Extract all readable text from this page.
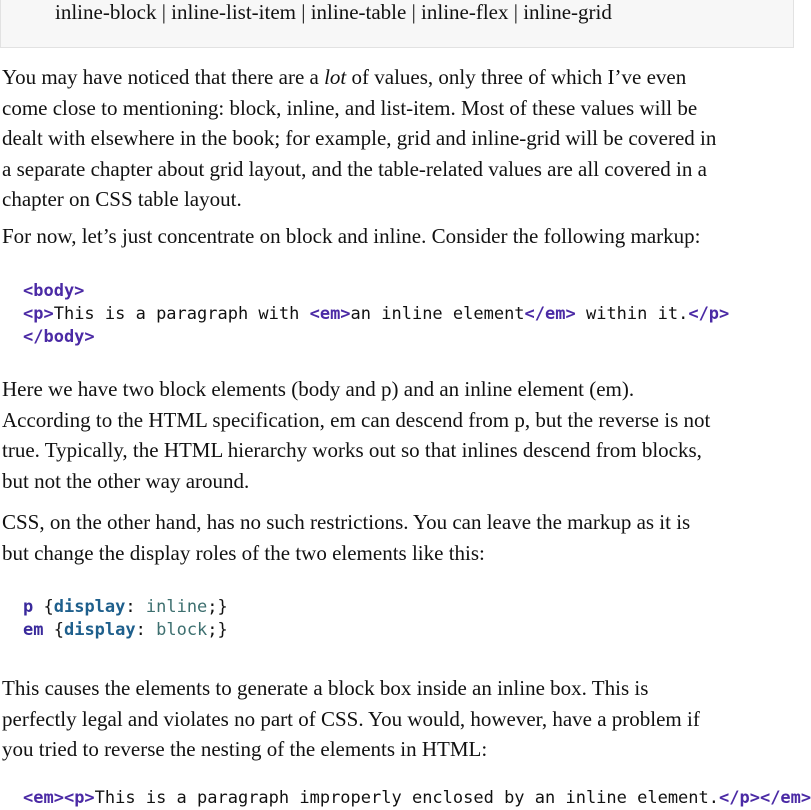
inline-block | inline-list-item | inline-table | inline-flex | inline-grid

You may have noticed that there are a lot of values, only three of which I’ve even
come close to mentioning: block, inline, and list-item. Most of these values will be
dealt with elsewhere in the book; for example, grid and inline-grid will be covered in
a separate chapter about grid layout, and the table-related values are all covered in a
chapter on CSS table layout.

For now, let’s just concentrate on block and inline. Consider the following markup:

<body>
<p>This is a paragraph with <em>an inline element</em> within it.</p>
</body>

Here we have two block elements (body and p) and an inline element (em).
According to the HTML specification, em can descend from p, but the reverse is not
true. Typically, the HTML hierarchy works out so that inlines descend from blocks,
but not the other way around.

CSS, on the other hand, has no such restrictions. You can leave the markup as it is
but change the display roles of the two elements like this:

p {display: inline;}
em {display: block;}

This causes the elements to generate a block box inside an inline box. This is
perfectly legal and violates no part of CSS. You would, however, have a problem if
you tried to reverse the nesting of the elements in HTML:

<em><p>This is a paragraph improperly enclosed by an inline element.</p></em>
